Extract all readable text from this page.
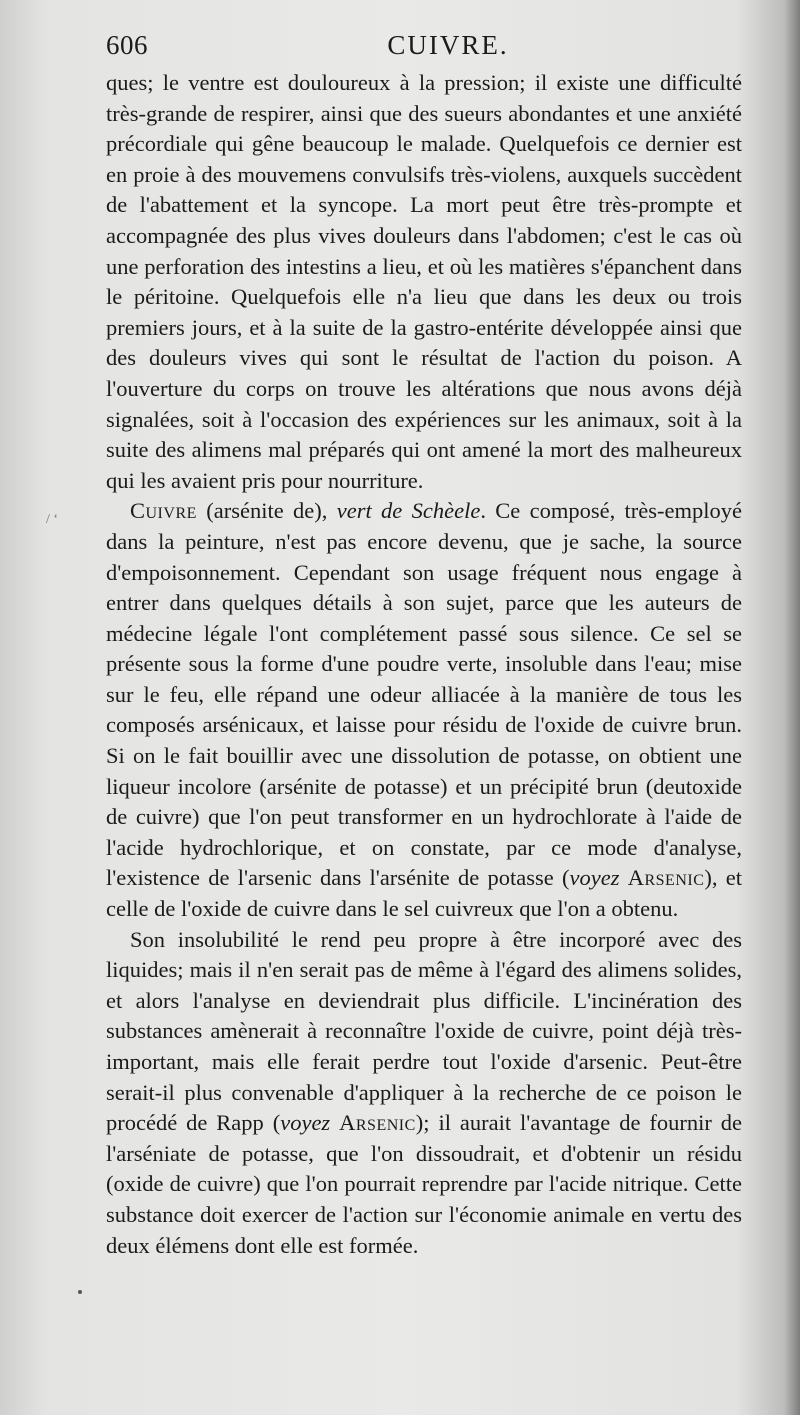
606	CUIVRE.
/ ‘

ques; le ventre est douloureux à la pression; il existe une difficulté très-grande de respirer, ainsi que des sueurs abondantes et une anxiété précordiale qui gêne beaucoup le malade. Quelquefois ce dernier est en proie à des mouvemens convulsifs très-violens, auxquels succèdent de l'abattement et la syncope. La mort peut être très-prompte et accompagnée des plus vives douleurs dans l'abdomen; c'est le cas où une perforation des intestins a lieu, et où les matières s'épanchent dans le péritoine. Quelquefois elle n'a lieu que dans les deux ou trois premiers jours, et à la suite de la gastro-entérite développée ainsi que des douleurs vives qui sont le résultat de l'action du poison. A l'ouverture du corps on trouve les altérations que nous avons déjà signalées, soit à l'occasion des expériences sur les animaux, soit à la suite des alimens mal préparés qui ont amené la mort des malheureux qui les avaient pris pour nourriture.

Cuivre (arsénite de), vert de Schèele. Ce composé, très-employé dans la peinture, n'est pas encore devenu, que je sache, la source d'empoisonnement. Cependant son usage fréquent nous engage à entrer dans quelques détails à son sujet, parce que les auteurs de médecine légale l'ont complétement passé sous silence. Ce sel se présente sous la forme d'une poudre verte, insoluble dans l'eau; mise sur le feu, elle répand une odeur alliacée à la manière de tous les composés arsénicaux, et laisse pour résidu de l'oxide de cuivre brun. Si on le fait bouillir avec une dissolution de potasse, on obtient une liqueur incolore (arsénite de potasse) et un précipité brun (deutoxide de cuivre) que l'on peut transformer en un hydrochlorate à l'aide de l'acide hydrochlorique, et on constate, par ce mode d'analyse, l'existence de l'arsenic dans l'arsénite de potasse (voyez Arsenic), et celle de l'oxide de cuivre dans le sel cuivreux que l'on a obtenu.

Son insolubilité le rend peu propre à être incorporé avec des liquides; mais il n'en serait pas de même à l'égard des alimens solides, et alors l'analyse en deviendrait plus difficile. L'incinération des substances amènerait à reconnaître l'oxide de cuivre, point déjà très-important, mais elle ferait perdre tout l'oxide d'arsenic. Peut-être serait-il plus convenable d'appliquer à la recherche de ce poison le procédé de Rapp (voyez Arsenic); il aurait l'avantage de fournir de l'arséniate de potasse, que l'on dissoudrait, et d'obtenir un résidu (oxide de cuivre) que l'on pourrait reprendre par l'acide nitrique. Cette substance doit exercer de l'action sur l'économie animale en vertu des deux élémens dont elle est formée.
